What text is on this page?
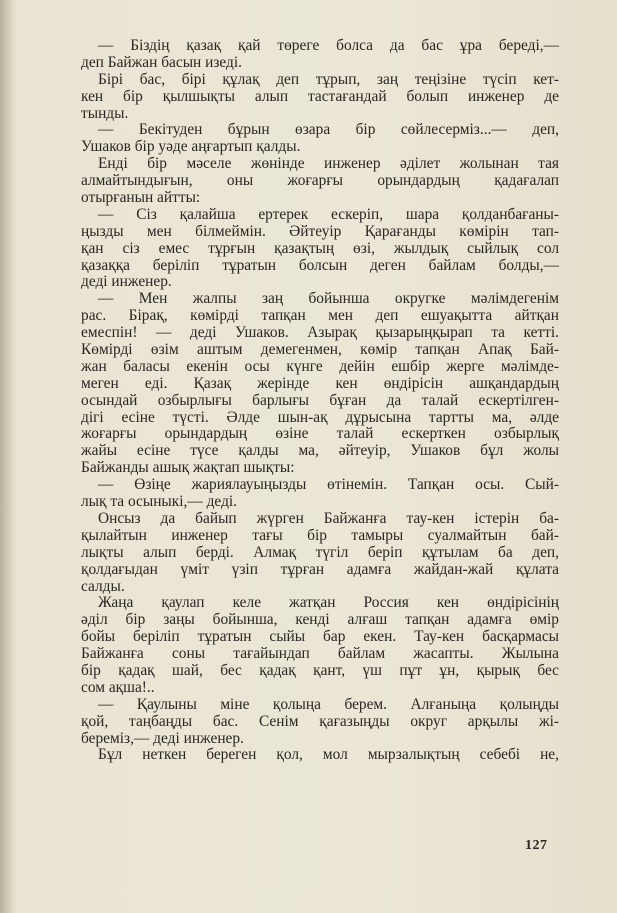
— Біздің қазақ қай төреге болса да бас ұра береді,—
деп Байжан басын изеді.
Бірі бас, бірі құлақ деп тұрып, заң теңізіне түсіп кет-
кен бір қылшықты алып тастағандай болып инженер де
тынды.
— Бекітуден бұрын өзара бір сөйлесерміз...— деп,
Ушаков бір уәде аңғартып қалды.
Енді бір мәселе жөнінде инженер әділет жолынан тая
алмайтындығын, оны жоғарғы орындардың қадағалап
отырғанын айтты:
— Сіз қалайша ертерек ескеріп, шара қолданбағаны-
ңызды мен білмеймін. Әйтеуір Қарағанды көмірін тап-
қан сіз емес тұрғын қазақтың өзі, жылдық сыйлық сол
қазаққа беріліп тұратын болсын деген байлам болды,—
деді инженер.
— Мен жалпы заң бойынша округке мәлімдегенім
рас. Бірақ, көмірді тапқан мен деп ешуақытта айтқан
емеспін! — деді Ушаков. Азырақ қызарыңқырап та кетті.
Көмірді өзім аштым демегенмен, көмір тапқан Апақ Бай-
жан баласы екенін осы күнге дейін ешбір жерге мәлімде-
меген еді. Қазақ жерінде кен өндірісін ашқандардың
осындай озбырлығы барлығы бұған да талай ескертілген-
дігі есіне түсті. Әлде шын-ақ дұрысына тартты ма, әлде
жоғарғы орындардың өзіне талай ескерткен озбырлық
жайы есіне түсе қалды ма, әйтеуір, Ушаков бұл жолы
Байжанды ашық жақтап шықты:
— Өзіңе жариялауыңызды өтінемін. Тапқан осы. Сый-
лық та осыныкі,— деді.
Онсыз да байып жүрген Байжанға тау-кен істерін ба-
қылайтын инженер тағы бір тамыры суалмайтын бай-
лықты алып берді. Алмақ түгіл беріп құтылам ба деп,
қолдағыдан үміт үзіп тұрған адамға жайдан-жай құлата
салды.
Жаңа қаулап келе жатқан Россия кен өндірісінің
әділ бір заңы бойынша, кенді алғаш тапқан адамға өмір
бойы беріліп тұратын сыйы бар екен. Тау-кен басқармасы
Байжанға соны тағайындап байлам жасапты. Жылына
бір қадақ шай, бес қадақ қант, үш пұт ұн, қырық бес
сом ақша!..
— Қаулыны міне қолыңа берем. Алғаныңа қолыңды
қой, таңбаңды бас. Сенім қағазыңды округ арқылы жі-
береміз,— деді инженер.
Бұл неткен береген қол, мол мырзалықтың себебі не,
127
